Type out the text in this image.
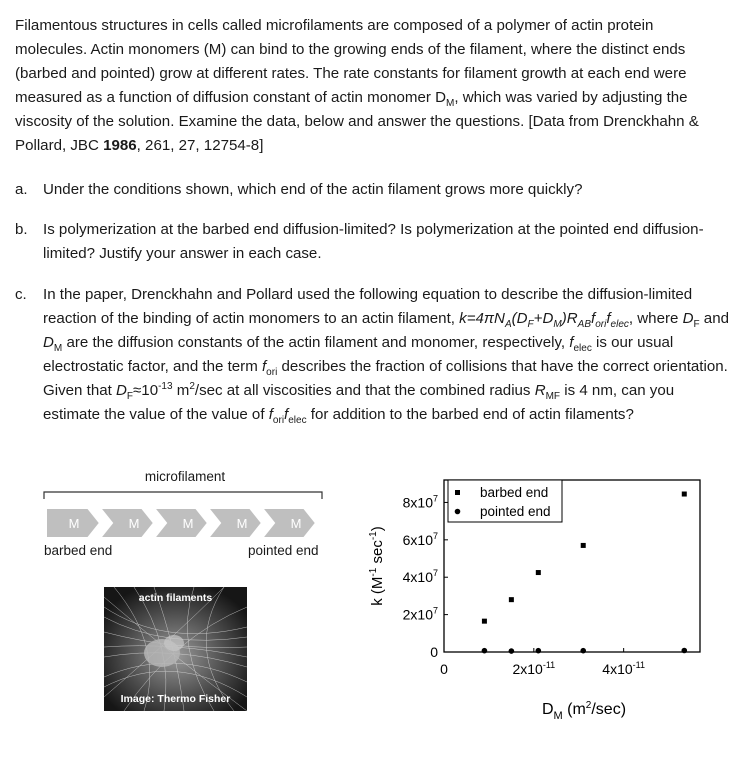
Filamentous structures in cells called microfilaments are composed of a polymer of actin protein molecules. Actin monomers (M) can bind to the growing ends of the filament, where the distinct ends (barbed and pointed) grow at different rates. The rate constants for filament growth at each end were measured as a function of diffusion constant of actin monomer $D_M$, which was varied by adjusting the viscosity of the solution. Examine the data, below and answer the questions. [Data from Drenckhahn & Pollard, JBC 1986, 261, 27, 12754-8]

a.	Under the conditions shown, which end of the actin filament grows more quickly?
b.	Is polymerization at the barbed end diffusion-limited? Is polymerization at the pointed end diffusion-limited? Justify your answer in each case.
c.	In the paper, Drenckhahn and Pollard used the following equation to describe the diffusion-limited reaction of the binding of actin monomers to an actin filament, $k=4\pi N_A(D_F+D_M)R_{AB}f_{ori}f_{elec}$, where $D_F$ and $D_M$ are the diffusion constants of the actin filament and monomer, respectively, $f_{elec}$ is our usual electrostatic factor, and the term $f_{ori}$ describes the fraction of collisions that have the correct orientation. Given that $D_F\approx 10^{-13}$ $m^2/\sec$ at all viscosities and that the combined radius $R_{MF}$ is 4 nm, can you estimate the value of the value of $f_{ori}f_{elec}$ for addition to the barbed end of actin filaments?
microfilament
M	M	M	M	M
barbed end	pointed end
actin filaments
Image: Thermo Fisher
0
$2x10^7$
$4x10^7$
$6x10^7$
$8x10^7$
0	$2x10^{-11}$	$4x10^{-11}$
$D_M$ $(m^2/\sec)$
k ($M^{-1}$ $\sec^{-1}$)
barbed end
pointed end
